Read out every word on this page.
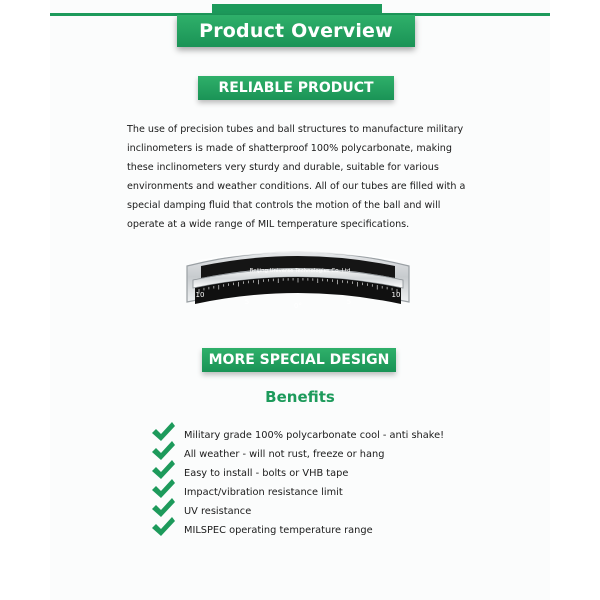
Product Overview
RELIABLE PRODUCT

The use of precision tubes and ball structures to manufacture military inclinometers is made of shatterproof 100% polycarbonate, making these inclinometers very sturdy and durable, suitable for various environments and weather conditions. All of our tubes are filled with a special damping fluid that controls the motion of the ball and will operate at a wide range of MIL temperature specifications.

Beijing Universe Technologies Co. Ltd
10
5	0°	5
10
MORE SPECIAL DESIGN
Benefits
Military grade 100% polycarbonate cool - anti shake!
All weather - will not rust, freeze or hang
Easy to install - bolts or VHB tape
Impact/vibration resistance limit
UV resistance
MILSPEC operating temperature range
